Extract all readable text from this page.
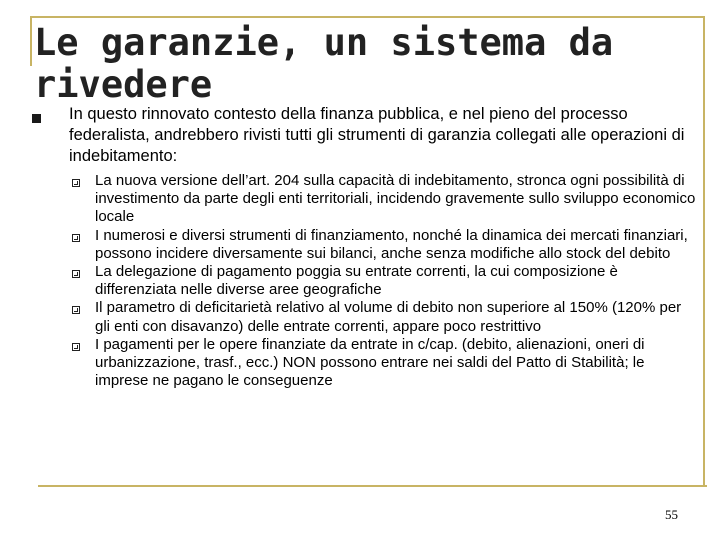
Le garanzie, un sistema da rivedere
In questo rinnovato contesto della finanza pubblica, e nel pieno del processo federalista, andrebbero rivisti tutti gli strumenti di garanzia collegati alle operazioni di indebitamento:
La nuova versione dell’art. 204 sulla capacità di indebitamento, stronca ogni possibilità di investimento da parte degli enti territoriali, incidendo gravemente sullo sviluppo economico locale
I numerosi e diversi strumenti di finanziamento, nonché la dinamica dei mercati finanziari, possono incidere diversamente sui bilanci, anche senza modifiche allo stock del debito
La delegazione di pagamento poggia su entrate correnti, la cui composizione è differenziata nelle diverse aree geografiche
Il parametro di deficitarietà relativo al volume di debito non superiore al 150% (120% per gli enti con disavanzo) delle entrate correnti, appare poco restrittivo
I pagamenti per le opere finanziate da entrate in c/cap. (debito, alienazioni, oneri di urbanizzazione, trasf., ecc.) NON possono entrare nei saldi del Patto di Stabilità; le imprese ne pagano le conseguenze
55
